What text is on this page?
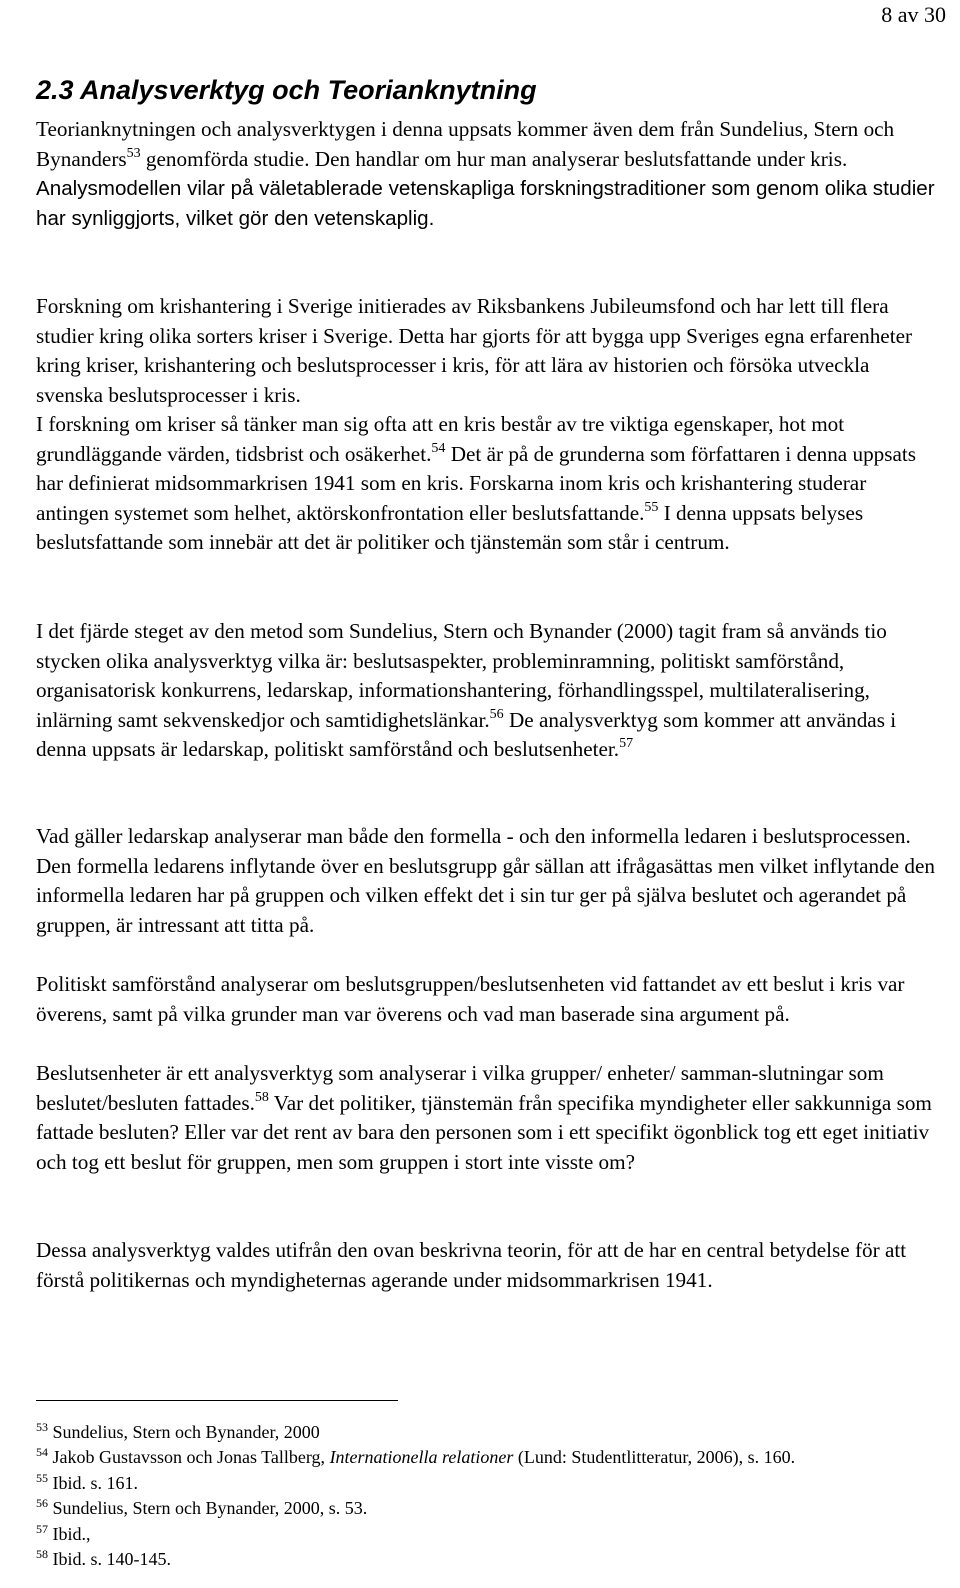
8 av 30
2.3 Analysverktyg och Teorianknytning

Teorianknytningen och analysverktygen i denna uppsats kommer även dem från Sundelius, Stern och Bynanders$^{53}$ genomförda studie. Den handlar om hur man analyserar beslutsfattande under kris. Analysmodellen vilar på väletablerade vetenskapliga forskningstraditioner som genom olika studier har synliggjorts, vilket gör den vetenskaplig.

Forskning om krishantering i Sverige initierades av Riksbankens Jubileumsfond och har lett till flera studier kring olika sorters kriser i Sverige. Detta har gjorts för att bygga upp Sveriges egna erfarenheter kring kriser, krishantering och beslutsprocesser i kris, för att lära av historien och försöka utveckla svenska beslutsprocesser i kris.

I forskning om kriser så tänker man sig ofta att en kris består av tre viktiga egenskaper, hot mot grundläggande värden, tidsbrist och osäkerhet.$^{54}$ Det är på de grunderna som författaren i denna uppsats har definierat midsommarkrisen 1941 som en kris. Forskarna inom kris och krishantering studerar antingen systemet som helhet, aktörskonfrontation eller beslutsfattande.$^{55}$ I denna uppsats belyses beslutsfattande som innebär att det är politiker och tjänstemän som står i centrum.

I det fjärde steget av den metod som Sundelius, Stern och Bynander (2000) tagit fram så används tio stycken olika analysverktyg vilka är: beslutsaspekter, probleminramning, politiskt samförstånd, organisatorisk konkurrens, ledarskap, informationshantering, förhandlingsspel, multilateralisering, inlärning samt sekvenskedjor och samtidighetslänkar.$^{56}$ De analysverktyg som kommer att användas i denna uppsats är ledarskap, politiskt samförstånd och beslutsenheter.$^{57}$

Vad gäller ledarskap analyserar man både den formella - och den informella ledaren i beslutsprocessen. Den formella ledarens inflytande över en beslutsgrupp går sällan att ifrågasättas men vilket inflytande den informella ledaren har på gruppen och vilken effekt det i sin tur ger på själva beslutet och agerandet på gruppen, är intressant att titta på.

Politiskt samförstånd analyserar om beslutsgruppen/beslutsenheten vid fattandet av ett beslut i kris var överens, samt på vilka grunder man var överens och vad man baserade sina argument på.

Beslutsenheter är ett analysverktyg som analyserar i vilka grupper/ enheter/ samman-slutningar som beslutet/besluten fattades.$^{58}$ Var det politiker, tjänstemän från specifika myndigheter eller sakkunniga som fattade besluten? Eller var det rent av bara den personen som i ett specifikt ögonblick tog ett eget initiativ och tog ett beslut för gruppen, men som gruppen i stort inte visste om?

Dessa analysverktyg valdes utifrån den ovan beskrivna teorin, för att de har en central betydelse för att förstå politikernas och myndigheternas agerande under midsommarkrisen 1941.

$^{53}$ Sundelius, Stern och Bynander, 2000
$^{54}$ Jakob Gustavsson och Jonas Tallberg, Internationella relationer (Lund: Studentlitteratur, 2006), s. 160.
$^{55}$ Ibid. s. 161.
$^{56}$ Sundelius, Stern och Bynander, 2000, s. 53.
$^{57}$ Ibid.,
$^{58}$ Ibid. s. 140-145.
